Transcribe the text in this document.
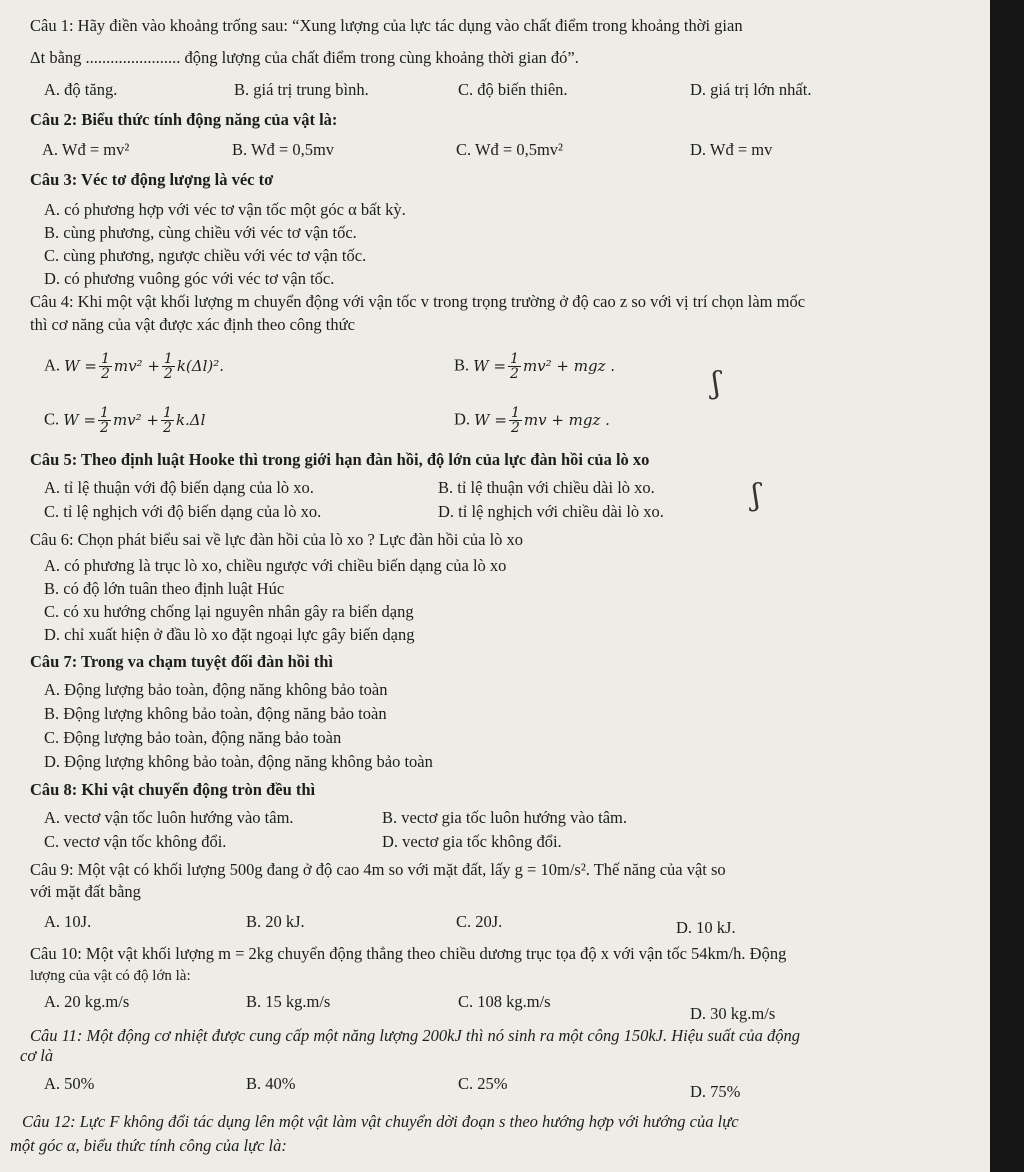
Câu 1: Hãy điền vào khoảng trống sau: “Xung lượng của lực tác dụng vào chất điểm trong khoảng thời gian
Δt bằng ....................... động lượng của chất điểm trong cùng khoảng thời gian đó”.
A. độ tăng.	B. giá trị trung bình.	C. độ biến thiên.	D. giá trị lớn nhất.
Câu 2: Biểu thức tính động năng của vật là:
A. Wđ = mv²	B. Wđ = 0,5mv	C. Wđ = 0,5mv²	D. Wđ = mv
Câu 3: Véc tơ động lượng là véc tơ
A. có phương hợp với véc tơ vận tốc một góc α bất kỳ.
B. cùng phương, cùng chiều với véc tơ vận tốc.
C. cùng phương, ngược chiều với véc tơ vận tốc.
D. có phương vuông góc với véc tơ vận tốc.
Câu 4: Khi một vật khối lượng m chuyển động với vận tốc v trong trọng trường ở độ cao z so với vị trí chọn làm mốc
thì cơ năng của vật được xác định theo công thức
A. $W = \frac{1}{2} mv^2 + \frac{1}{2} k(\Delta l)^2$.	B. $W = \frac{1}{2} mv^2$ + mgz .
C. $W = \frac{1}{2} mv^2 + \frac{1}{2} k.\Delta l$	D. $W = \frac{1}{2}$ mv + mgz .
ʃ
Câu 5: Theo định luật Hooke thì trong giới hạn đàn hồi, độ lớn của lực đàn hồi của lò xo
A. tỉ lệ thuận với độ biến dạng của lò xo.	B. tỉ lệ thuận với chiều dài lò xo.
C. tỉ lệ nghịch với độ biến dạng của lò xo.	D. tỉ lệ nghịch với chiều dài lò xo.	ʃ
Câu 6: Chọn phát biểu sai về lực đàn hồi của lò xo ? Lực đàn hồi của lò xo
A. có phương là trục lò xo, chiều ngược với chiều biến dạng của lò xo
B. có độ lớn tuân theo định luật Húc
C. có xu hướng chống lại nguyên nhân gây ra biến dạng
D. chỉ xuất hiện ở đầu lò xo đặt ngoại lực gây biến dạng
Câu 7: Trong va chạm tuyệt đối đàn hồi thì
A. Động lượng bảo toàn, động năng không bảo toàn
B. Động lượng không bảo toàn, động năng bảo toàn
C. Động lượng bảo toàn, động năng bảo toàn
D. Động lượng không bảo toàn, động năng không bảo toàn
Câu 8: Khi vật chuyển động tròn đều thì
A. vectơ vận tốc luôn hướng vào tâm.	B. vectơ gia tốc luôn hướng vào tâm.
C. vectơ vận tốc không đổi.	D. vectơ gia tốc không đổi.
Câu 9: Một vật có khối lượng 500g đang ở độ cao 4m so với mặt đất, lấy g = 10m/s². Thế năng của vật so
với mặt đất bằng
A. 10J.	B. 20 kJ.	C. 20J.	D. 10 kJ.
Câu 10: Một vật khối lượng m = 2kg chuyển động thẳng theo chiều dương trục tọa độ x với vận tốc 54km/h. Động
lượng của vật có độ lớn là:
A. 20 kg.m/s	B. 15 kg.m/s	C. 108 kg.m/s
D. 30 kg.m/s
Câu 11: Một động cơ nhiệt được cung cấp một năng lượng 200kJ thì nó sinh ra một công 150kJ. Hiệu suất của động
cơ là
A. 50%	B. 40%	C. 25%	D. 75%
Câu 12: Lực F không đổi tác dụng lên một vật làm vật chuyển dời đoạn s theo hướng hợp với hướng của lực
một góc α, biểu thức tính công của lực là:
